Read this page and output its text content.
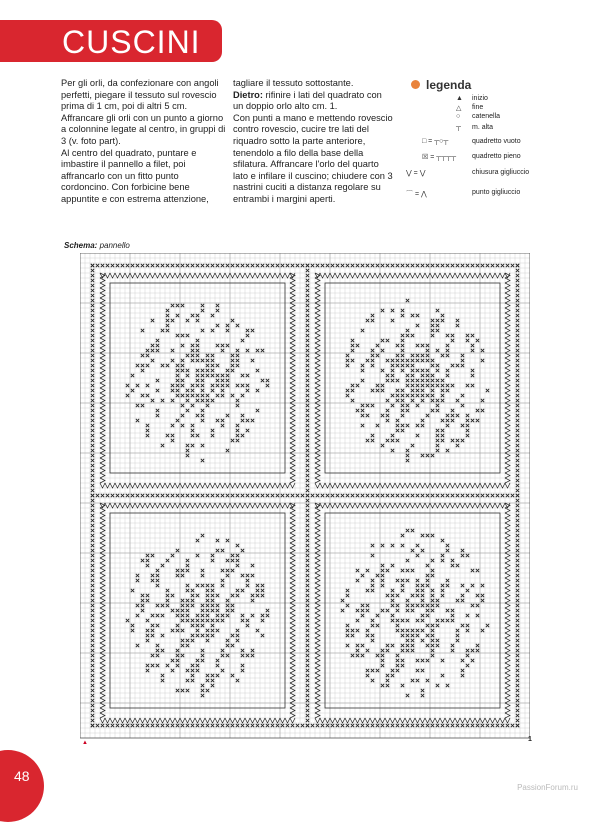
CUSCINI

Per gli orli, da confezionare con angoli perfetti, piegare il tessuto sul rovescio prima di 1 cm, poi di altri 5 cm.

Affrancare gli orli con un punto a giorno a colonnine legate al centro, in gruppi di 3 (v. foto part).

Al centro del quadrato, puntare e imbastire il pannello a filet, poi affrancarlo con un fitto punto cordoncino. Con forbicine bene appuntite e con estrema attenzione,

tagliare il tessuto sottostante.

Dietro: rifinire i lati del quadrato con un doppio orlo alto cm. 1.

Con punti a mano e mettendo rovescio contro rovescio, cucire tre lati del riquadro sotto la parte anteriore, tenendolo a filo della base della sfilatura. Affrancare l'orlo del quarto lato e infilare il cuscino; chiudere con 3 nastrini cuciti a distanza regolare su entrambi i margini aperti.

legenda
▲ inizio
△ fine
○ catenella
┬ m. alta
□ = ┬○┬	quadretto vuoto
☒ = ┬┬┬┬ quadretto pieno
⋁ = ⋁	chiusura gigliuccio
⌒ = ⋀	punto gigliuccio
Schema: pannello
▲	1
48
PassionForum.ru
